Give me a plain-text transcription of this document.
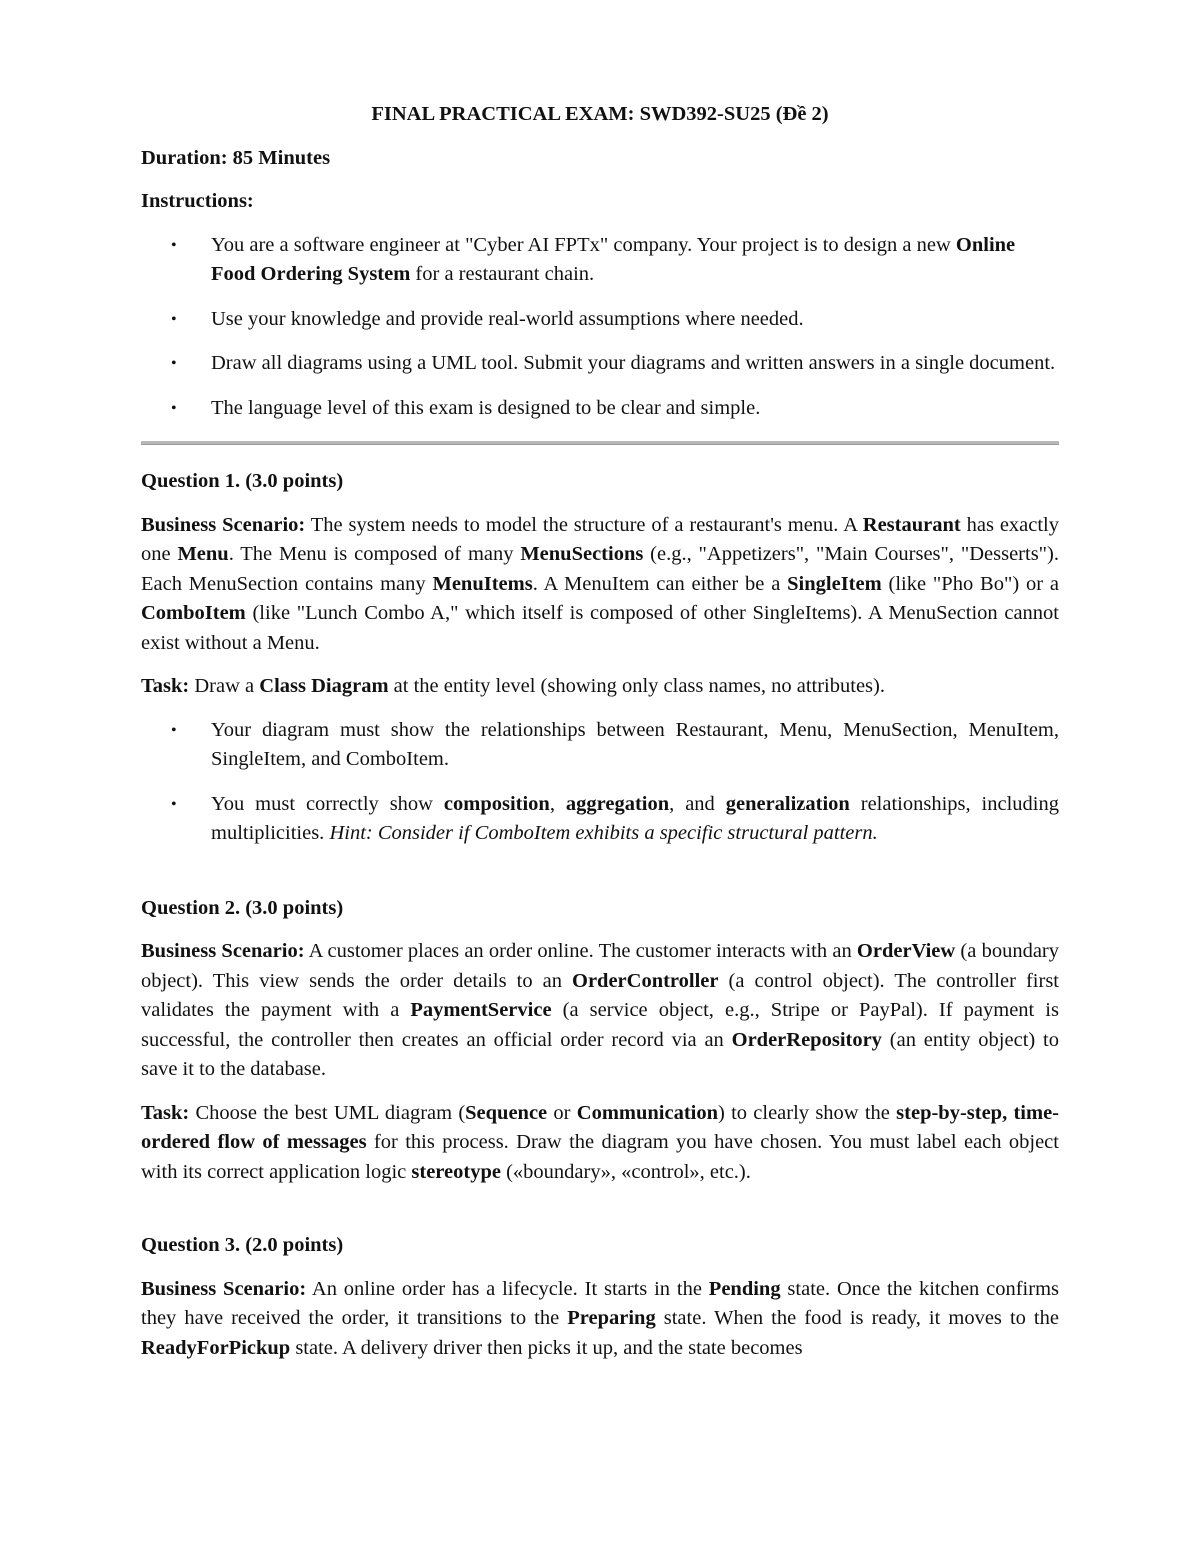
FINAL PRACTICAL EXAM: SWD392-SU25 (Đề 2)
Duration: 85 Minutes
Instructions:
• You are a software engineer at "Cyber AI FPTx" company. Your project is to design a new Online Food Ordering System for a restaurant chain.
• Use your knowledge and provide real-world assumptions where needed.
• Draw all diagrams using a UML tool. Submit your diagrams and written answers in a single document.
• The language level of this exam is designed to be clear and simple.
Question 1. (3.0 points)
Business Scenario: The system needs to model the structure of a restaurant's menu. A Restaurant has exactly one Menu. The Menu is composed of many MenuSections (e.g., "Appetizers", "Main Courses", "Desserts"). Each MenuSection contains many MenuItems. A MenuItem can either be a SingleItem (like "Pho Bo") or a ComboItem (like "Lunch Combo A," which itself is composed of other SingleItems). A MenuSection cannot exist without a Menu.
Task: Draw a Class Diagram at the entity level (showing only class names, no attributes).
• Your diagram must show the relationships between Restaurant, Menu, MenuSection, MenuItem, SingleItem, and ComboItem.
• You must correctly show composition, aggregation, and generalization relationships, including multiplicities. Hint: Consider if ComboItem exhibits a specific structural pattern.
Question 2. (3.0 points)
Business Scenario: A customer places an order online. The customer interacts with an OrderView (a boundary object). This view sends the order details to an OrderController (a control object). The controller first validates the payment with a PaymentService (a service object, e.g., Stripe or PayPal). If payment is successful, the controller then creates an official order record via an OrderRepository (an entity object) to save it to the database.
Task: Choose the best UML diagram (Sequence or Communication) to clearly show the step-by-step, time-ordered flow of messages for this process. Draw the diagram you have chosen. You must label each object with its correct application logic stereotype («boundary», «control», etc.).
Question 3. (2.0 points)
Business Scenario: An online order has a lifecycle. It starts in the Pending state. Once the kitchen confirms they have received the order, it transitions to the Preparing state. When the food is ready, it moves to the ReadyForPickup state. A delivery driver then picks it up, and the state becomes
